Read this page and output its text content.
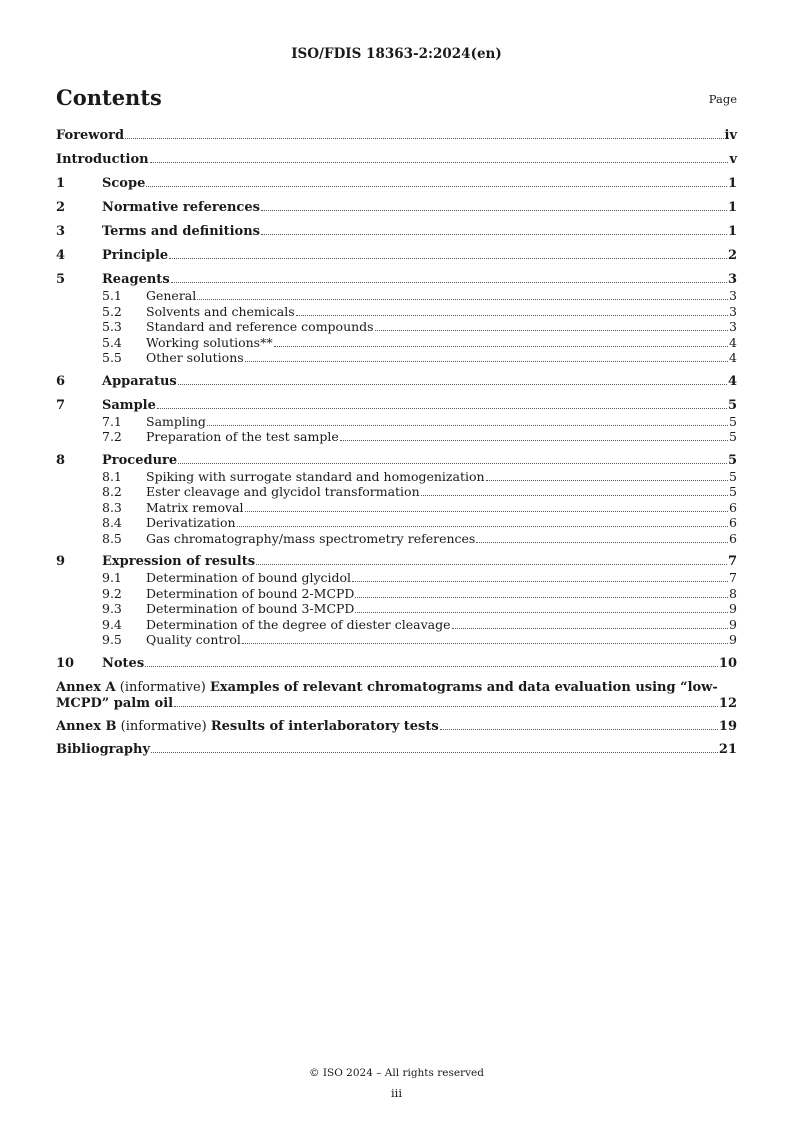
ISO/FDIS 18363-2:2024(en)
Contents	Page
Foreword	iv
Introduction	v
1	Scope	1
2	Normative references	1
3	Terms and definitions	1
4	Principle	2
5	Reagents	3
5.1	General	3
5.2	Solvents and chemicals	3
5.3	Standard and reference compounds	3
5.4	Working solutions**	4
5.5	Other solutions	4
6	Apparatus	4
7	Sample	5
7.1	Sampling	5
7.2	Preparation of the test sample	5
8	Procedure	5
8.1	Spiking with surrogate standard and homogenization	5
8.2	Ester cleavage and glycidol transformation	5
8.3	Matrix removal	6
8.4	Derivatization	6
8.5	Gas chromatography/mass spectrometry references	6
9	Expression of results	7
9.1	Determination of bound glycidol	7
9.2	Determination of bound 2-MCPD	8
9.3	Determination of bound 3-MCPD	9
9.4	Determination of the degree of diester cleavage	9
9.5	Quality control	9
10	Notes	10
Annex A (informative) Examples of relevant chromatograms and data evaluation using “low-
MCPD” palm oil	12
Annex B (informative) Results of interlaboratory tests	19
Bibliography	21
© ISO 2024 – All rights reserved
iii
